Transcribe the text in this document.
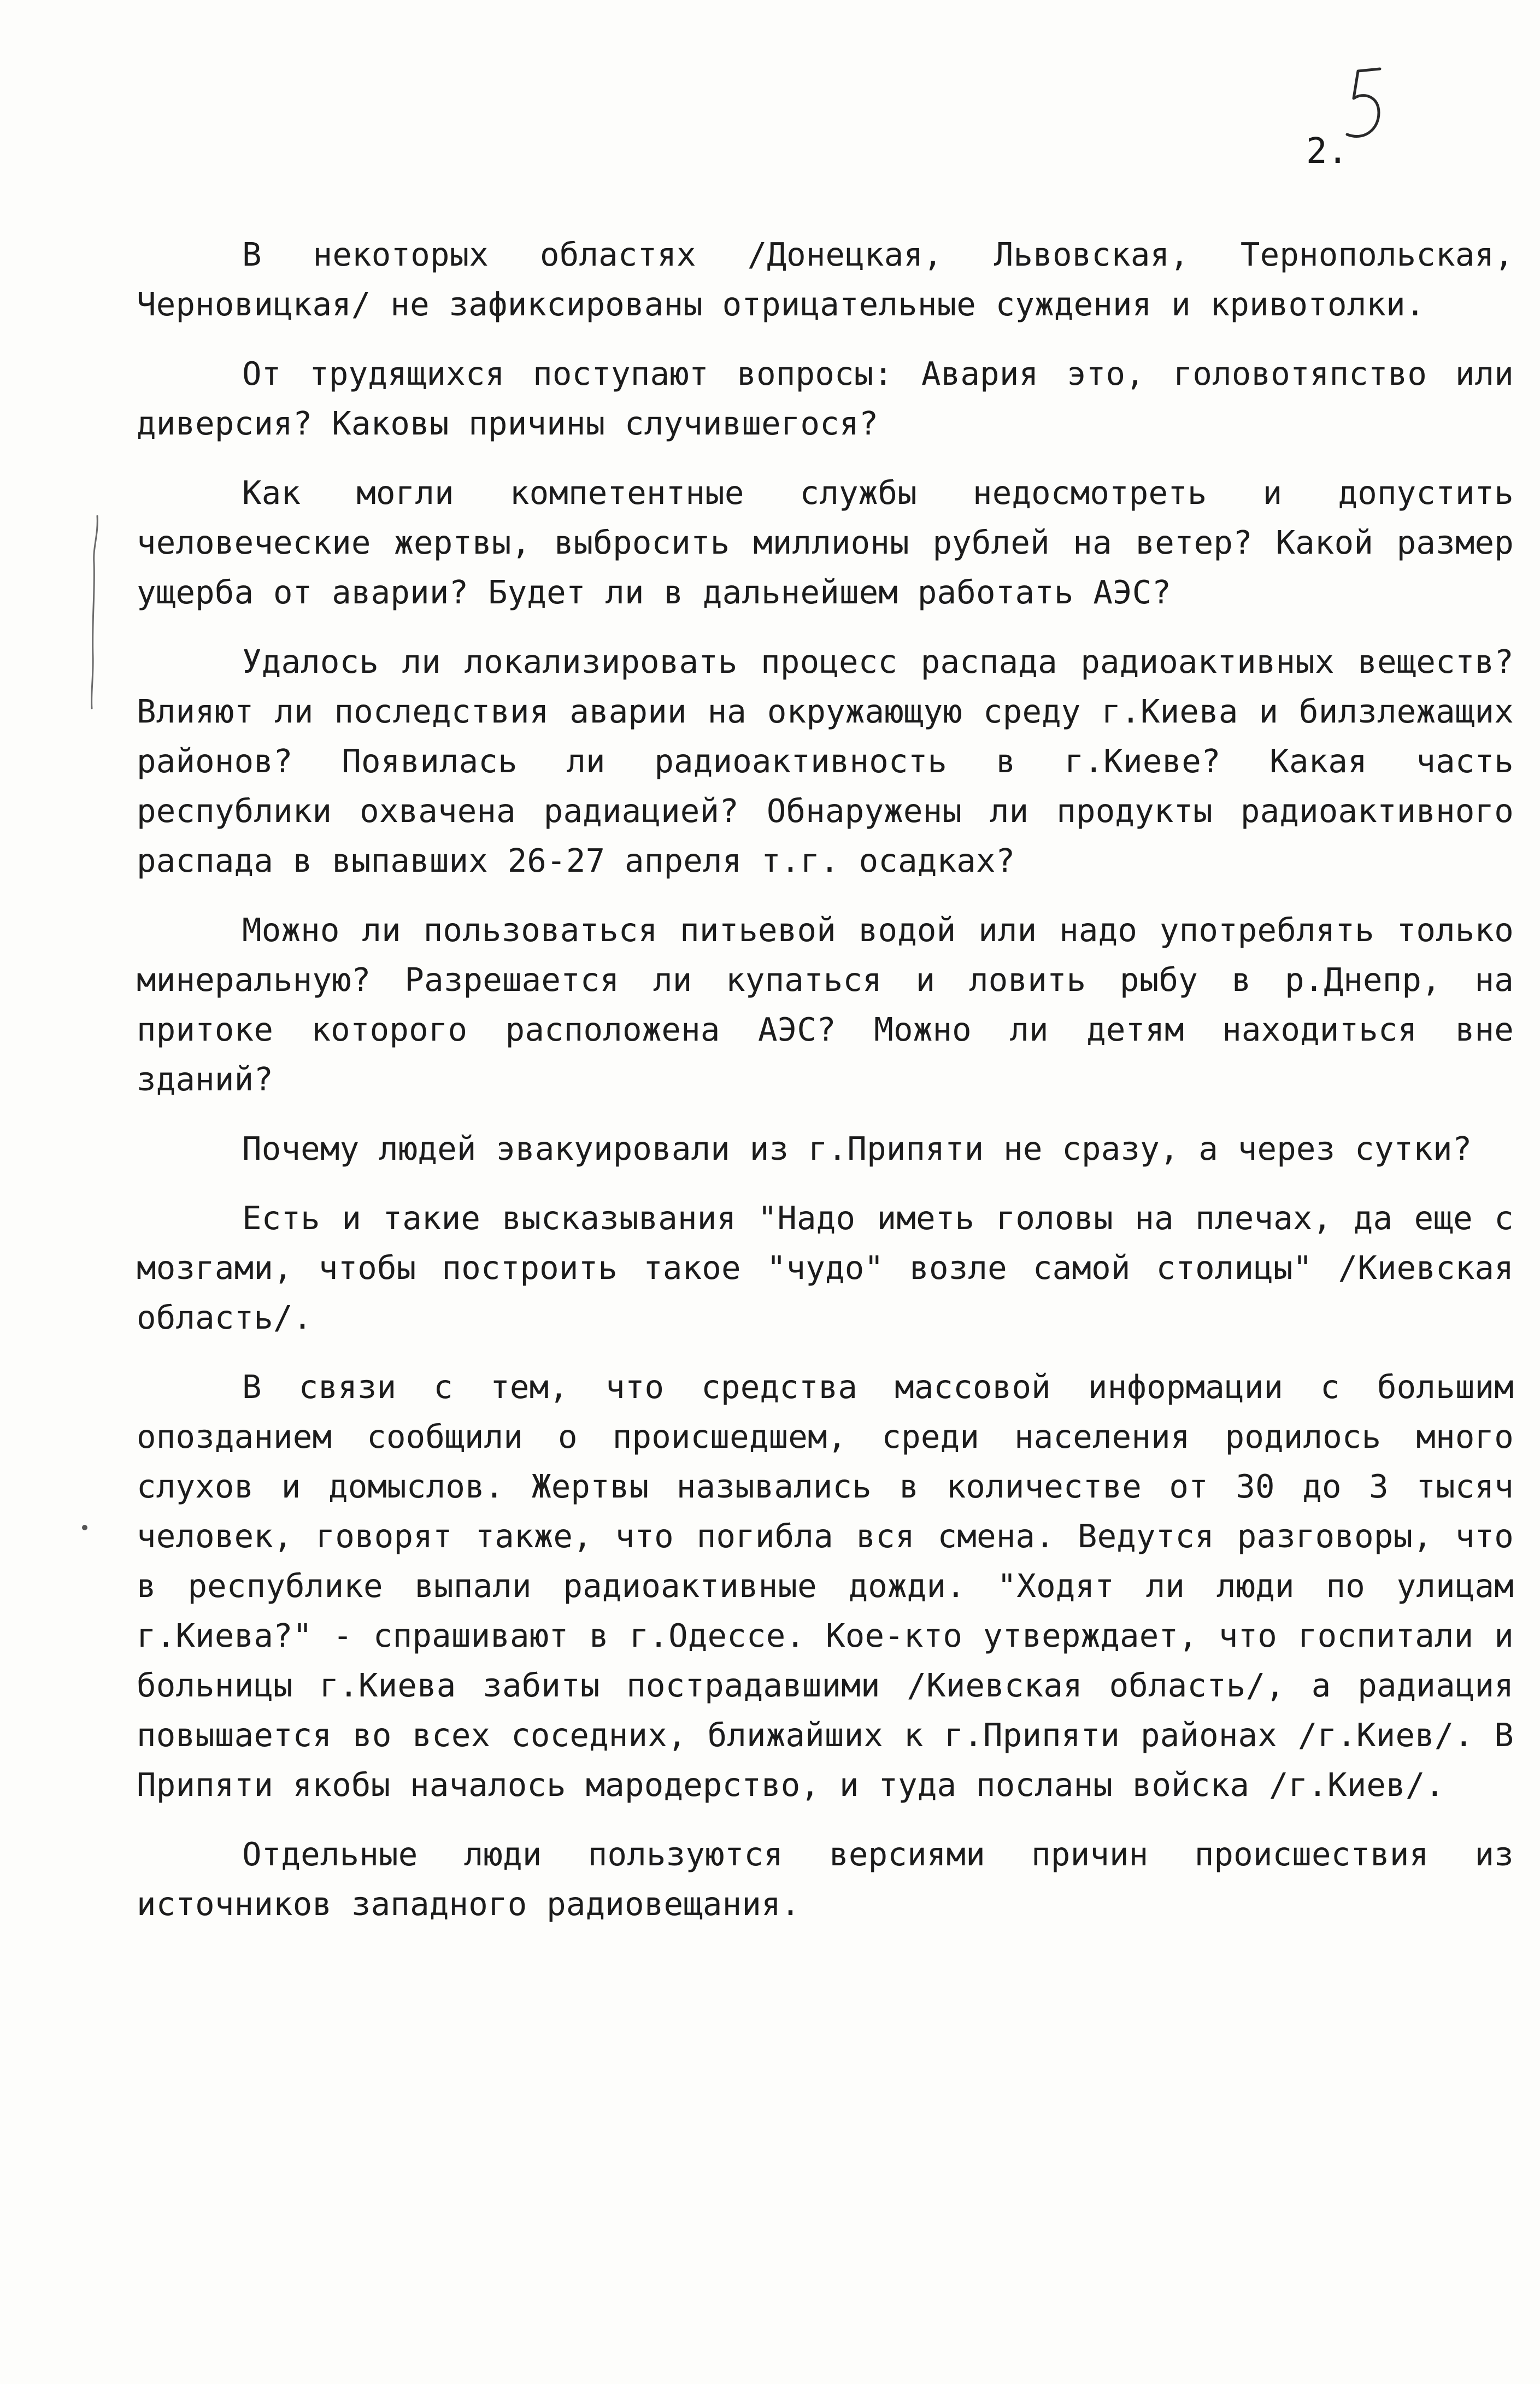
2.

В некоторых областях /Донецкая, Львовская, Тернопольская, Черновицкая/ не зафиксированы отрицательные суждения и кривотолки.

От трудящихся поступают вопросы: Авария это, головотяпство или диверсия? Каковы причины случившегося?

Как могли компетентные службы недосмотреть и допустить человеческие жертвы, выбросить миллионы рублей на ветер? Какой размер ущерба от аварии? Будет ли в дальнейшем работать АЭС?

Удалось ли локализировать процесс распада радиоактивных веществ? Влияют ли последствия аварии на окружающую среду г.Киева и билзлежащих районов? Появилась ли радиоактивность в г.Киеве? Какая часть республики охвачена радиацией? Обнаружены ли продукты радиоактивного распада в выпавших 26-27 апреля т.г. осадках?

Можно ли пользоваться питьевой водой или надо употреблять только минеральную? Разрешается ли купаться и ловить рыбу в р.Днепр, на притоке которого расположена АЭС? Можно ли детям находиться вне зданий?

Почему людей эвакуировали из г.Припяти не сразу, а через сутки?

Есть и такие высказывания "Надо иметь головы на плечах, да еще с мозгами, чтобы построить такое "чудо" возле самой столицы" /Киевская область/.

В связи с тем, что средства массовой информации с большим опозданием сообщили о происшедшем, среди населения родилось много слухов и домыслов. Жертвы назывались в количестве от 30 до 3 тысяч человек, говорят также, что погибла вся смена. Ведутся разговоры, что в республике выпали радиоактивные дожди. "Ходят ли люди по улицам г.Киева?" - спрашивают в г.Одессе. Кое-кто утверждает, что госпитали и больницы г.Киева забиты пострадавшими /Киевская область/, а радиация повышается во всех соседних, ближайших к г.Припяти районах /г.Киев/. В Припяти якобы началось мародерство, и туда посланы войска /г.Киев/.

Отдельные люди пользуются версиями причин происшествия из источников западного радиовещания.
